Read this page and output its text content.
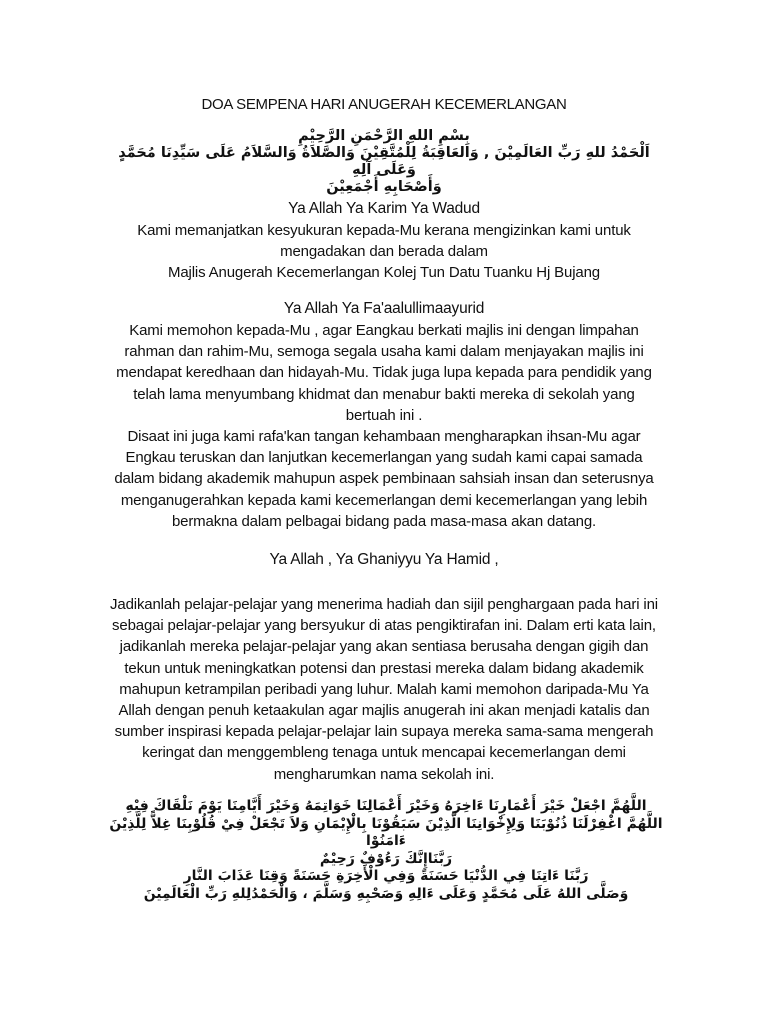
DOA SEMPENA HARI ANUGERAH KECEMERLANGAN
بِسْمِ اللهِ الرَّحْمَنِ الرَّحِيْمِ
اَلْحَمْدُ للهِ رَبِّ العَالَمِيْنَ , وَالعَاقِبَةُ لِلْمُتَّقِيْنَ وَالصَّلاَةُ وَالسَّلاَمُ عَلَى سَيِّدِنَا مُحَمَّدٍ وَعَلَى آلِهِ
وَأَصْحَابِهِ أَجْمَعِيْنَ
Ya Allah Ya Karim Ya Wadud

Kami memanjatkan kesyukuran kepada-Mu kerana mengizinkan kami untuk mengadakan dan berada dalam

Majlis Anugerah Kecemerlangan Kolej Tun Datu Tuanku Hj Bujang

Ya Allah Ya Fa'aalullimaayurid

Kami memohon kepada-Mu , agar Eangkau berkati majlis ini dengan limpahan rahman dan rahim-Mu, semoga segala usaha kami dalam menjayakan majlis ini mendapat keredhaan dan hidayah-Mu. Tidak juga lupa kepada para pendidik yang telah lama menyumbang khidmat dan menabur bakti mereka di sekolah yang bertuah ini .

Disaat ini juga kami rafa'kan tangan kehambaan mengharapkan ihsan-Mu agar Engkau teruskan dan lanjutkan kecemerlangan yang sudah kami capai samada dalam bidang akademik mahupun aspek pembinaan sahsiah insan dan seterusnya menganugerahkan kepada kami kecemerlangan demi kecemerlangan yang lebih bermakna dalam pelbagai bidang pada masa-masa akan datang.

Ya Allah , Ya Ghaniyyu Ya Hamid ,

Jadikanlah pelajar-pelajar yang menerima hadiah dan sijil penghargaan pada hari ini sebagai pelajar-pelajar yang bersyukur di atas pengiktirafan ini. Dalam erti kata lain, jadikanlah mereka pelajar-pelajar yang akan sentiasa berusaha dengan gigih dan tekun untuk meningkatkan potensi dan prestasi mereka dalam bidang akademik mahupun ketrampilan peribadi yang luhur. Malah kami memohon daripada-Mu Ya Allah dengan penuh ketaakulan agar majlis anugerah ini akan menjadi katalis dan sumber inspirasi kepada pelajar-pelajar lain supaya mereka sama-sama mengerah keringat dan menggembleng tenaga untuk mencapai kecemerlangan demi mengharumkan nama sekolah ini.

اللَّهُمَّ اجْعَلْ خَيْرَ أَعْمَارِنَا ءَاخِرَهُ وَخَيْرَ أَعْمَالِنَا خَوَاتِمَهُ وَخَيْرَ أَيَّامِنَا يَوْمَ نَلْقَاكَ فِيْهِ
اللَّهُمَّ اغْفِرْلَنَا ذُنُوْبَنَا وَلِإِخْوَانِنَا الَّذِيْنَ سَبَقُوْنَا بِالْإِيْمَانِ وَلاَ تَجْعَلْ فِيْ قُلُوْبِنَا غِلاًّ لِلَّذِيْنَ ءَامَنُوْا
رَبَّنَاإِنَّكَ رَءُوْفٌ رَحِيْمٌ
رَبَّنَا ءَاتِنَا فِي الدُّنْيَا حَسَنَةً وَفِي الْأَخِرَةِ حَسَنَةً وَقِنَا عَذَابَ النَّارِ
وَصَلَّى اللهُ عَلَى مُحَمَّدٍ وَعَلَى ءَالِهِ وَصَحْبِهِ وَسَلَّمَ ، وَالْحَمْدُلِلهِ رَبِّ الْعَالَمِيْنَ
